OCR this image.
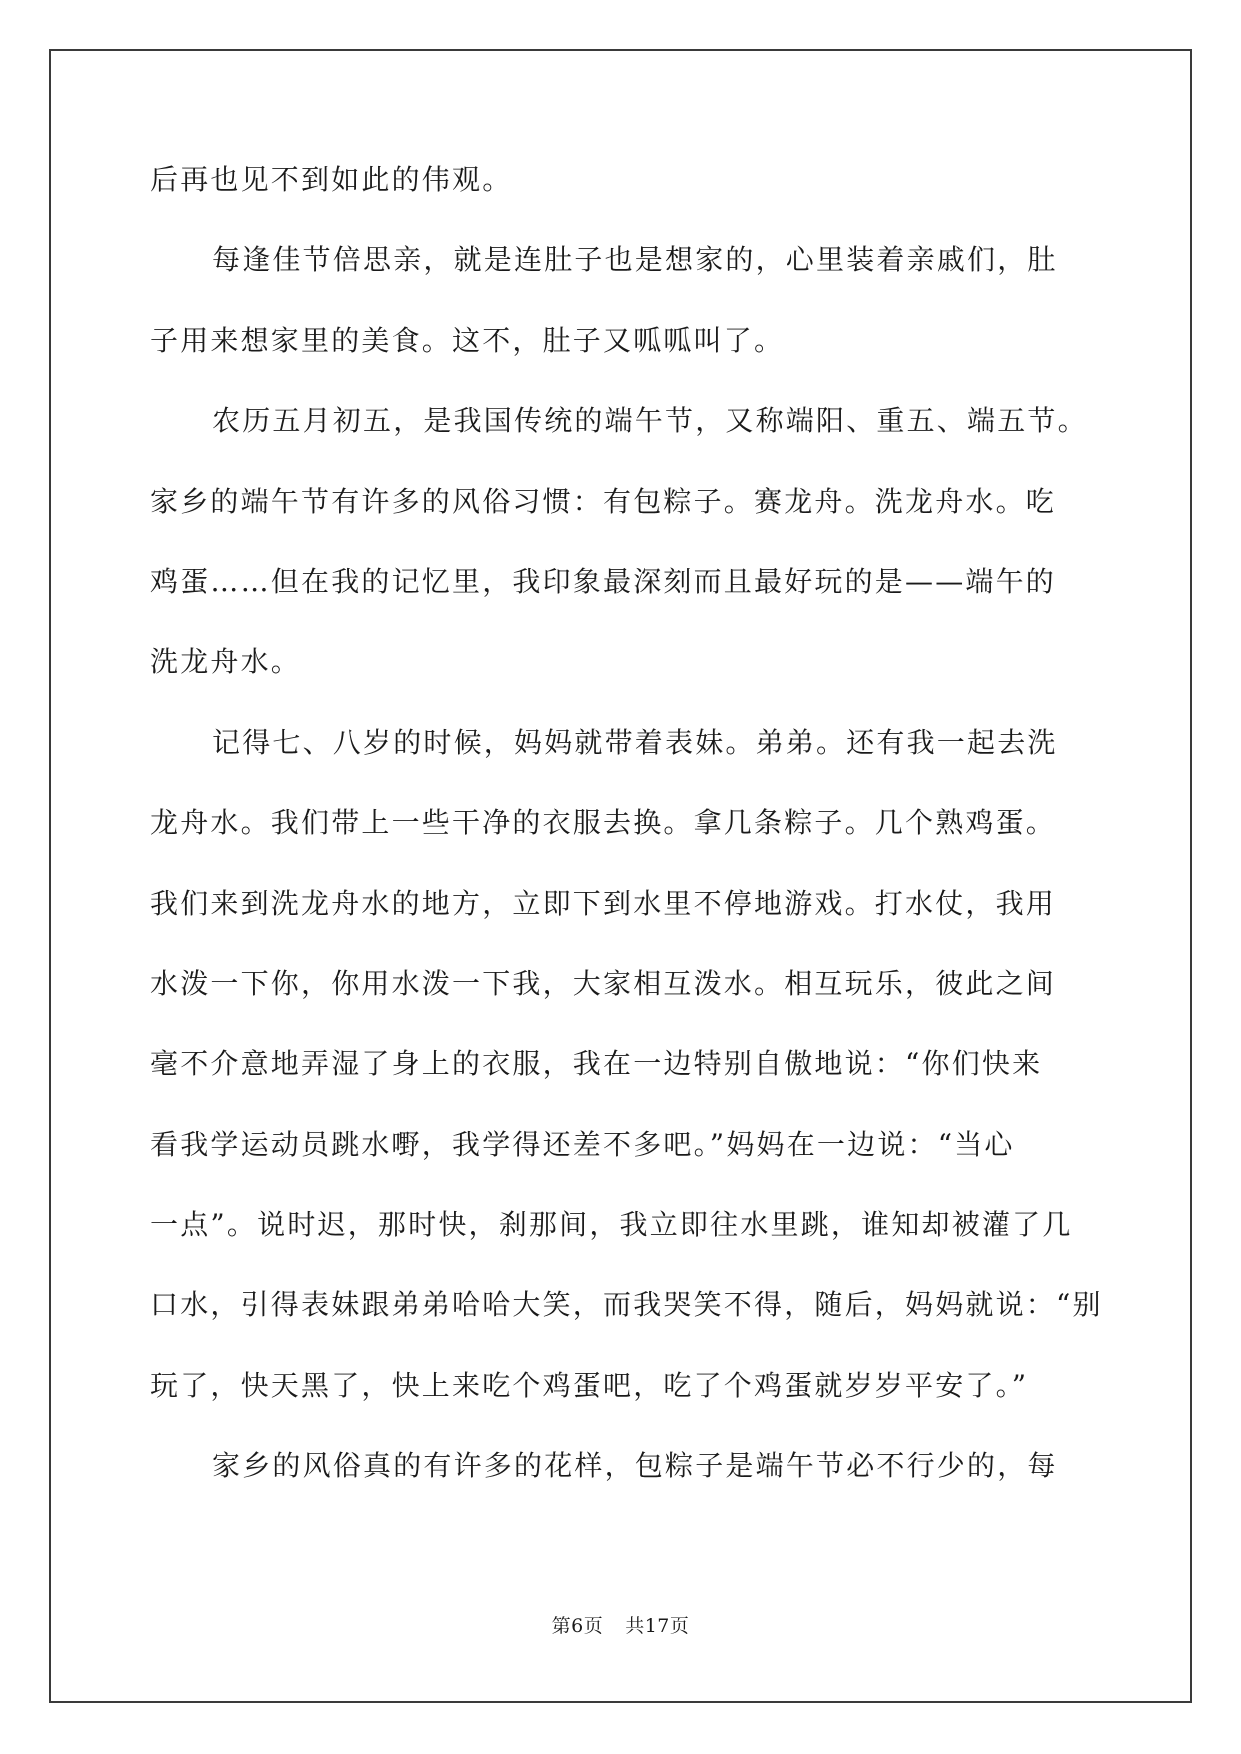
后再也见不到如此的伟观。
每逢佳节倍思亲，就是连肚子也是想家的，心里装着亲戚们，肚
子用来想家里的美食。这不，肚子又呱呱叫了。
农历五月初五，是我国传统的端午节，又称端阳、重五、端五节。
家乡的端午节有许多的风俗习惯：有包粽子。赛龙舟。洗龙舟水。吃
鸡蛋……但在我的记忆里，我印象最深刻而且最好玩的是——端午的
洗龙舟水。
记得七、八岁的时候，妈妈就带着表妹。弟弟。还有我一起去洗
龙舟水。我们带上一些干净的衣服去换。拿几条粽子。几个熟鸡蛋。
我们来到洗龙舟水的地方，立即下到水里不停地游戏。打水仗，我用
水泼一下你，你用水泼一下我，大家相互泼水。相互玩乐，彼此之间
毫不介意地弄湿了身上的衣服，我在一边特别自傲地说：“你们快来
看我学运动员跳水嘢，我学得还差不多吧。”妈妈在一边说：“当心
一点”。说时迟，那时快，刹那间，我立即往水里跳，谁知却被灌了几
口水，引得表妹跟弟弟哈哈大笑，而我哭笑不得，随后，妈妈就说：“别
玩了，快天黑了，快上来吃个鸡蛋吧，吃了个鸡蛋就岁岁平安了。”
家乡的风俗真的有许多的花样，包粽子是端午节必不行少的，每
第6页 共17页
